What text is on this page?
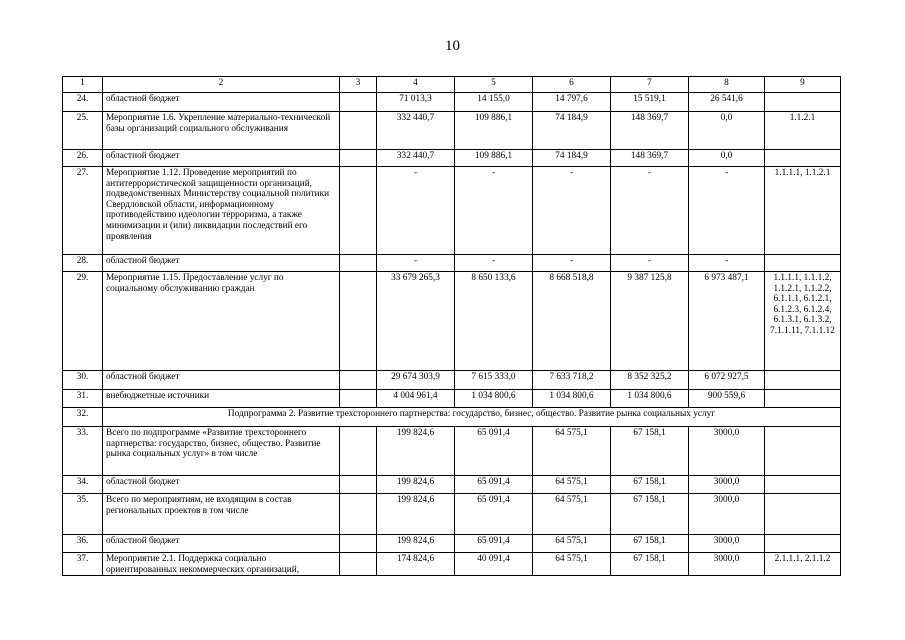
10
1	2	3	4	5	6	7	8	9
24.	областной бюджет		71 013,3	14 155,0	14 797,6	15 519,1	26 541,6	
25.	Мероприятие 1.6. Укрепление материально-технической базы организаций социального обслуживания		332 440,7	109 886,1	74 184,9	148 369,7	0,0	1.1.2.1
26.	областной бюджет		332 440,7	109 886,1	74 184,9	148 369,7	0,0	
27.	Мероприятие 1.12. Проведение мероприятий по антитеррористической защищенности организаций, подведомственных Министерству социальной политики Свердловской области, информационному противодействию идеологии терроризма, а также минимизации и (или) ликвидации последствий его проявления		-	-	-	-	-	1.1.1.1, 1.1.2.1
28.	областной бюджет		-	-	-	-	-	
29.	Мероприятие 1.15. Предоставление услуг по социальному обслуживанию граждан		33 679 265,3	8 650 133,6	8 668 518,8	9 387 125,8	6 973 487,1	1.1.1.1, 1.1.1.2, 1.1.2.1, 1.1.2.2, 6.1.1.1, 6.1.2.1, 6.1.2.3, 6.1.2.4, 6.1.3.1, 6.1.3.2, 7.1.1.11, 7.1.1.12
30.	областной бюджет		29 674 303,9	7 615 333,0	7 633 718,2	8 352 325,2	6 072 927,5	
31.	внебюджетные источники		4 004 961,4	1 034 800,6	1 034 800,6	1 034 800,6	900 559,6	
32.	Подпрограмма 2. Развитие трехстороннего партнерства: государство, бизнес, общество. Развитие рынка социальных услуг							
33.	Всего по подпрограмме «Развитие трехстороннего партнерства: государство, бизнес, общество. Развитие рынка социальных услуг» в том числе		199 824,6	65 091,4	64 575,1	67 158,1	3000,0	
34.	областной бюджет		199 824,6	65 091,4	64 575,1	67 158,1	3000,0	
35.	Всего по мероприятиям, не входящим в состав региональных проектов в том числе		199 824,6	65 091,4	64 575,1	67 158,1	3000,0	
36.	областной бюджет		199 824,6	65 091,4	64 575,1	67 158,1	3000,0	
37.	Мероприятие 2.1. Поддержка социально ориентированных некоммерческих организаций,		174 824,6	40 091,4	64 575,1	67 158,1	3000,0	2.1.1.1, 2.1.1.2
